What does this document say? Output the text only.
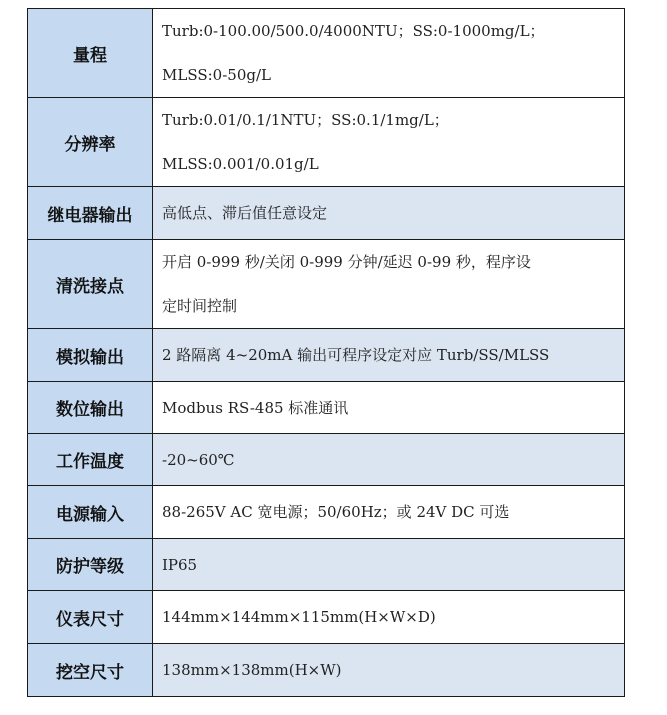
量程	Turb:0-100.00/500.0/4000NTU；SS:0-1000mg/L；
MLSS:0-50g/L

分辨率	Turb:0.01/0.1/1NTU；SS:0.1/1mg/L；
MLSS:0.001/0.01g/L

继电器输出	高低点、滞后值任意设定

清洗接点	开启 0-999 秒/关闭 0-999 分钟/延迟 0-99 秒，程序设
定时间控制

模拟输出	2 路隔离 4~20mA 输出可程序设定对应 Turb/SS/MLSS

数位输出	Modbus RS-485 标准通讯

工作温度	-20~60℃

电源输入	88-265V AC 宽电源；50/60Hz；或 24V DC 可选

防护等级	IP65

仪表尺寸	144mm×144mm×115mm(H×W×D)

挖空尺寸	138mm×138mm(H×W)
